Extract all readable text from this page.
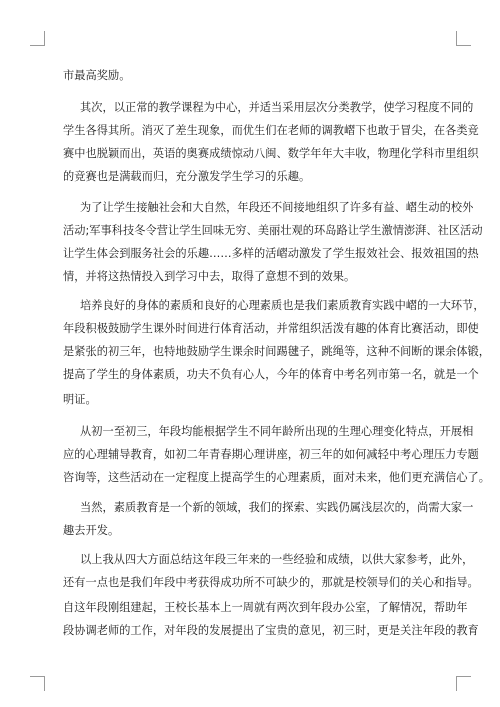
市最高奖励。
其次，以正常的教学课程为中心，并适当采用层次分类教学，使学习程度不同的
学生各得其所。消灭了差生现象，而优生们在老师的调教嶍下也敢于冒尖，在各类竞
赛中也脱颖而出，英语的奥赛成绩惊动八闽、数学年年大丰收，物理化学科市里组织
的竞赛也是满载而归，充分激发学生学习的乐趣。
为了让学生接触社会和大自然，年段还不间接地组织了许多有益、嶍生动的校外
活动;军事科技冬令营让学生回味无穷、美丽壮观的环岛路让学生激情澎湃、社区活动
让学生体会到服务社会的乐趣……多样的活嶍动激发了学生报效社会、报效祖国的热
情，并将这热情投入到学习中去，取得了意想不到的效果。
培养良好的身体的素质和良好的心理素质也是我们素质教育实践中嶍的一大环节，
年段积极鼓励学生课外时间进行体育活动，并常组织活泼有趣的体育比赛活动，即使
是紧张的初三年，也特地鼓励学生课余时间踢毽子，跳绳等，这种不间断的课余体锻，
提高了学生的身体素质，功夫不负有心人，今年的体育中考名列市第一名，就是一个
明证。
从初一至初三，年段均能根据学生不同年龄所出现的生理心理变化特点，开展相
应的心理辅导教育，如初二年青春期心理讲座，初三年的如何减轻中考心理压力专题
咨询等，这些活动在一定程度上提高学生的心理素质，面对未来，他们更充满信心了。
当然，素质教育是一个新的领域，我们的探索、实践仍属浅层次的，尚需大家一
趣去开发。
以上我从四大方面总结这年段三年来的一些经验和成绩，以供大家参考，此外，
还有一点也是我们年段中考获得成功所不可缺少的，那就是校领导们的关心和指导。
自这年段刚组建起，王校长基本上一周就有两次到年段办公室，了解情况，帮助年
段协调老师的工作，对年段的发展提出了宝贵的意见，初三时，更是关注年段的教育
